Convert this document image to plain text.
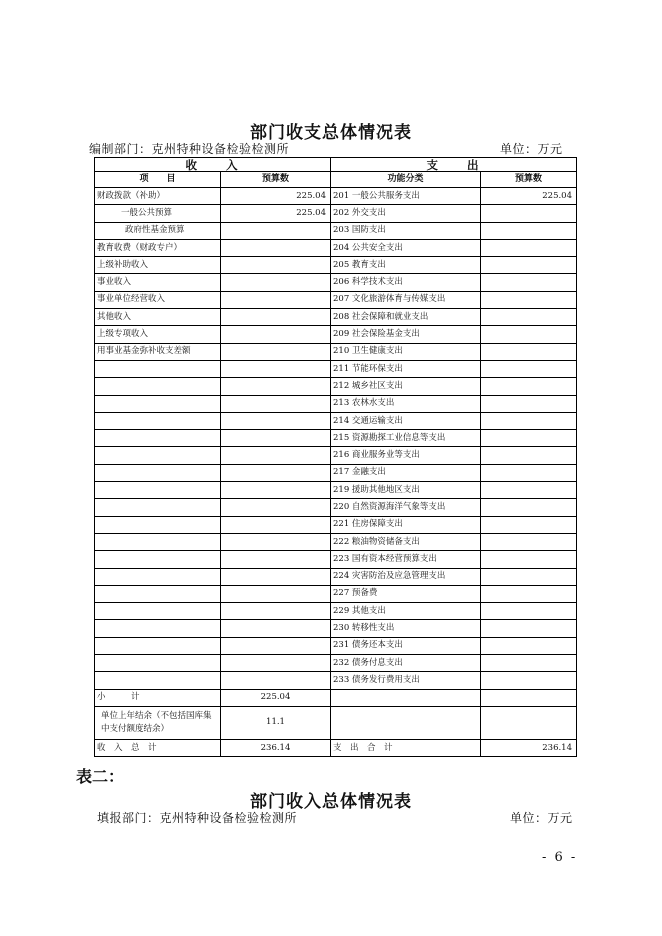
部门收支总体情况表
编制部门：克州特种设备检验检测所	单位：万元
收　　入		支　　出	
项　　目	预算数	功能分类	预算数
财政拨款（补助）	225.04	201 一般公共服务支出	225.04
一般公共预算	225.04	202 外交支出	
政府性基金预算		203 国防支出	
教育收费（财政专户）		204 公共安全支出	
上级补助收入		205 教育支出	
事业收入		206 科学技术支出	
事业单位经营收入		207 文化旅游体育与传媒支出	
其他收入		208 社会保障和就业支出	
上级专项收入		209 社会保险基金支出	
用事业基金弥补收支差额		210 卫生健康支出	
		211 节能环保支出	
		212 城乡社区支出	
		213 农林水支出	
		214 交通运输支出	
		215 资源勘探工业信息等支出	
		216 商业服务业等支出	
		217 金融支出	
		219 援助其他地区支出	
		220 自然资源海洋气象等支出	
		221 住房保障支出	
		222 粮油物资储备支出	
		223 国有资本经营预算支出	
		224 灾害防治及应急管理支出	
		227 预备费	
		229 其他支出	
		230 转移性支出	
		231 债务还本支出	
		232 债务付息支出	
		233 债务发行费用支出	
小　　　计	225.04		
单位上年结余（不包括国库集中支付额度结余）	11.1		
收　入　总　计	236.14	支　出　合　计	236.14
表二：
部门收入总体情况表
填报部门：克州特种设备检验检测所	单位：万元
- 6 -
